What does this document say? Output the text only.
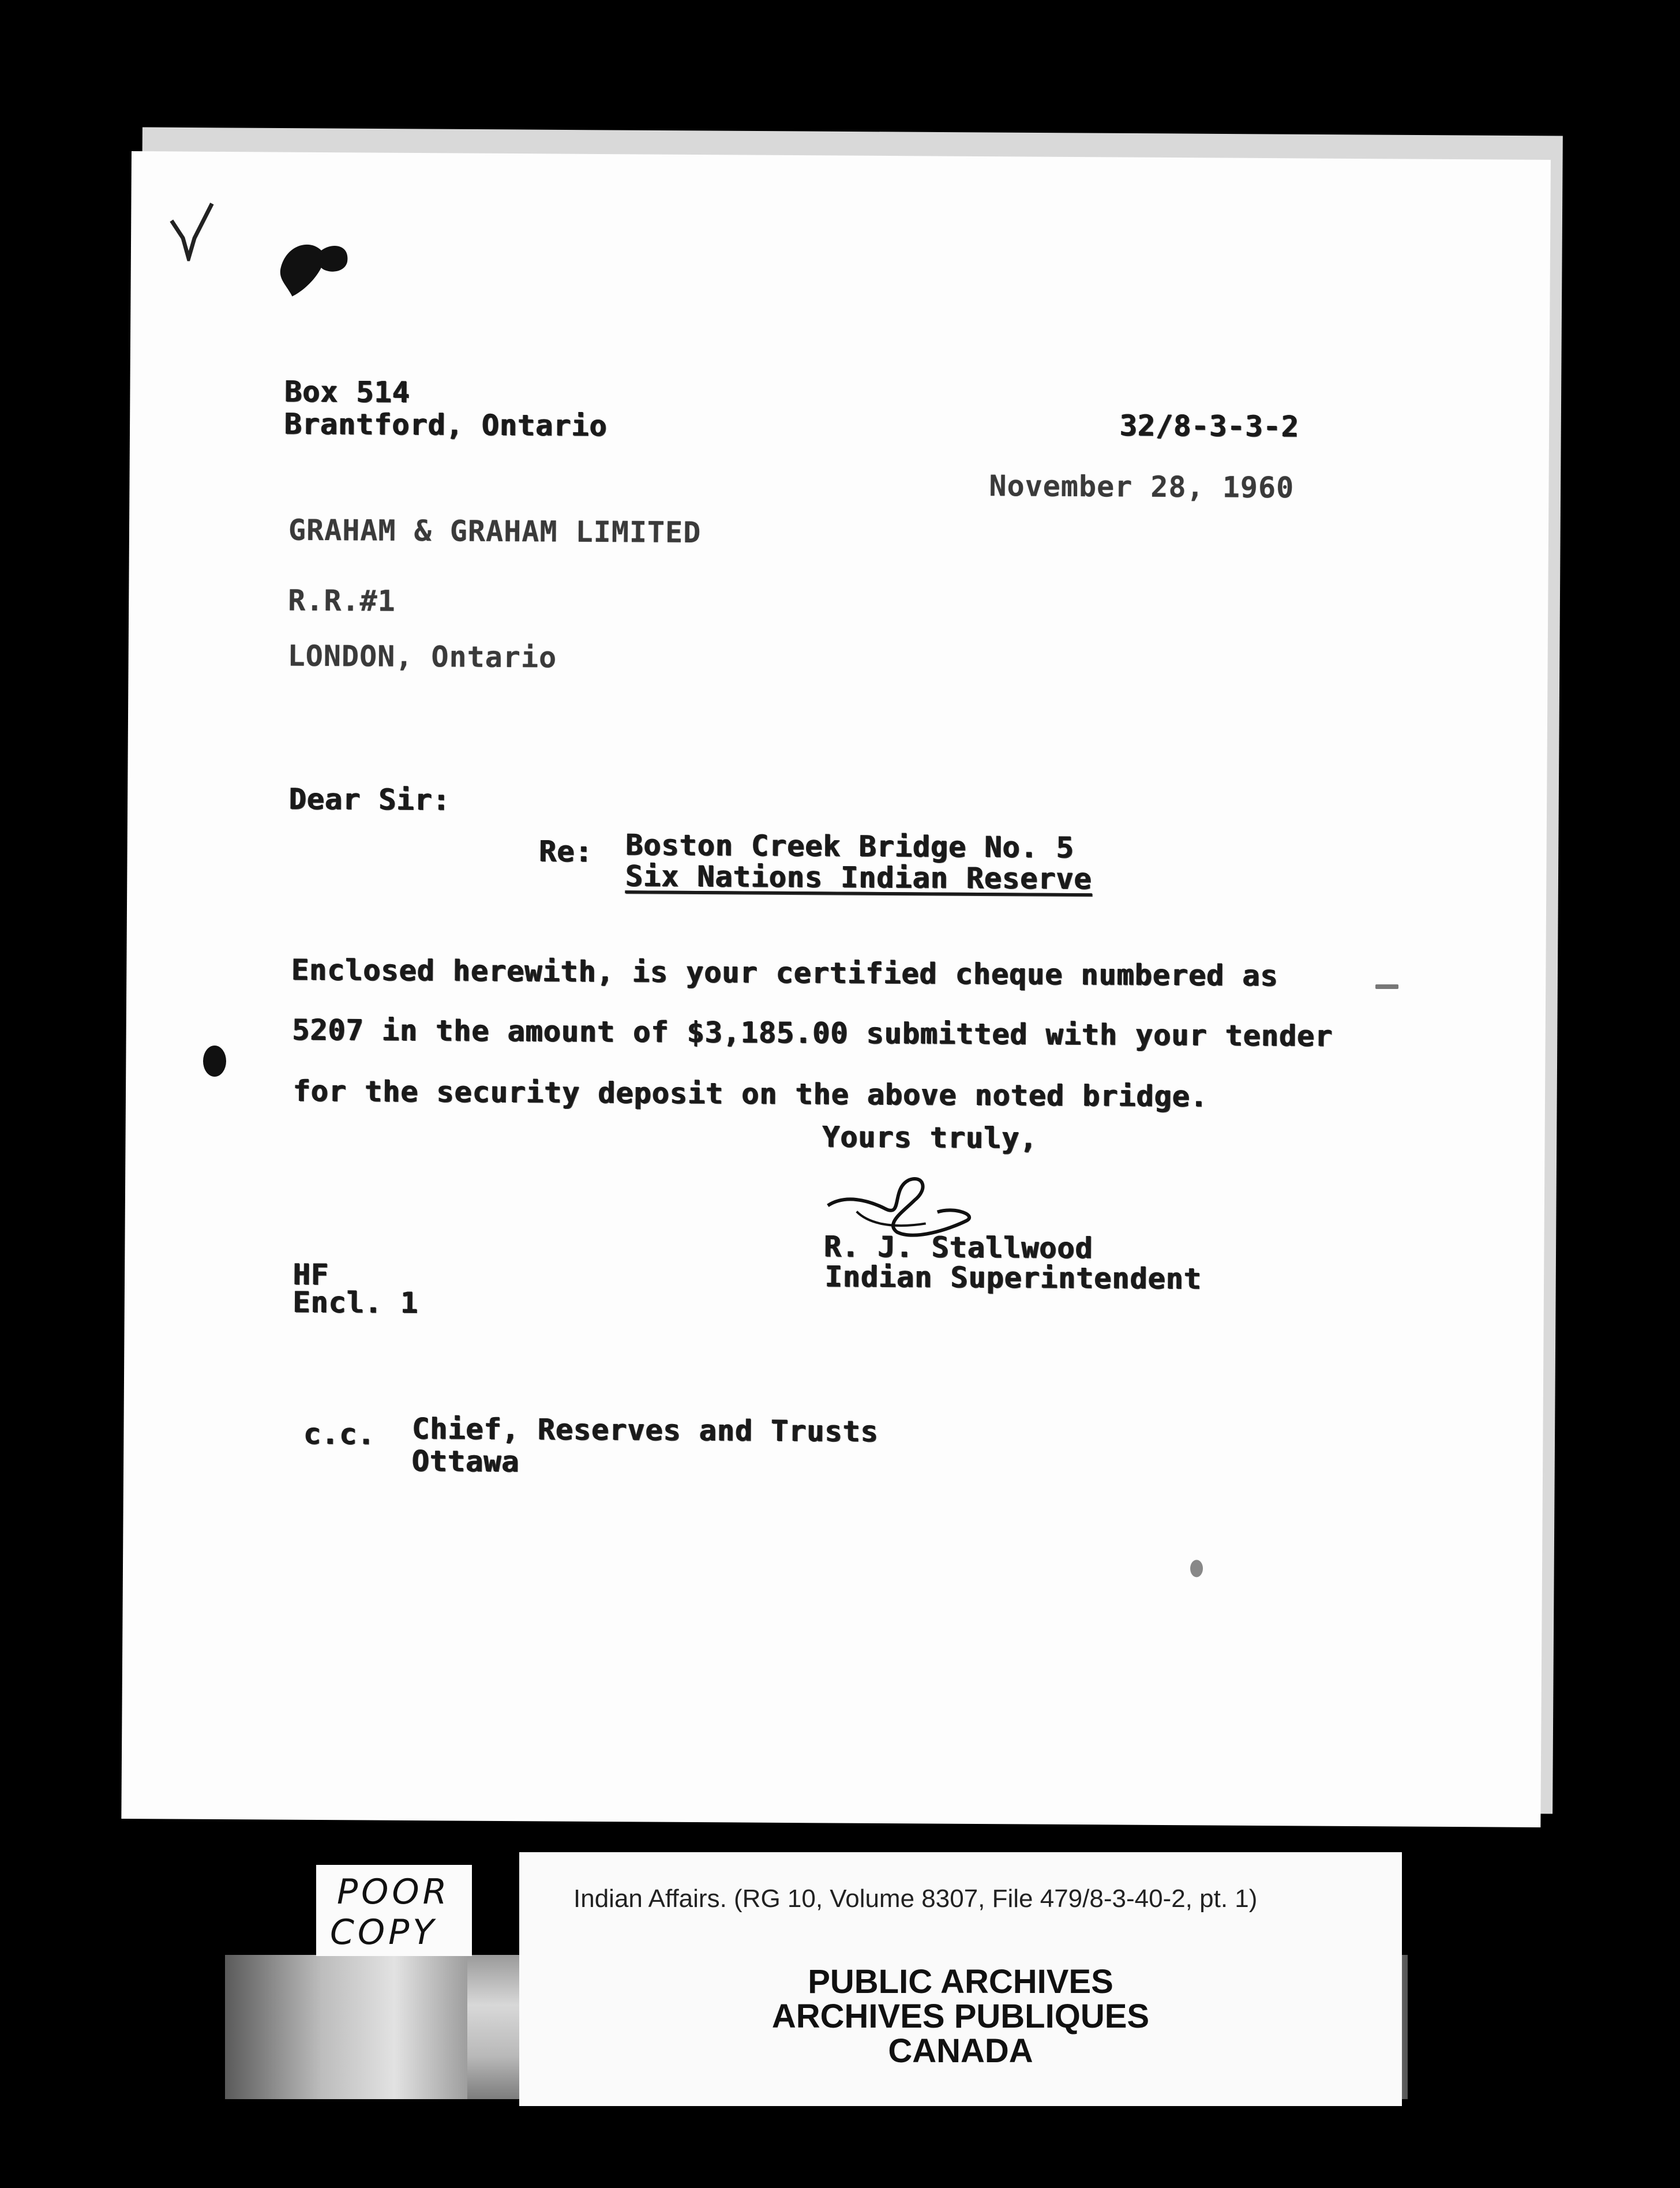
Box 514
Brantford, Ontario	32/8-3-3-2
November 28, 1960
GRAHAM & GRAHAM LIMITED
R.R.#1
LONDON, Ontario
Dear Sir:
Re: Boston Creek Bridge No. 5
Six Nations Indian Reserve
Enclosed herewith, is your certified cheque numbered as
5207 in the amount of $3,185.00 submitted with your tender
for the security deposit on the above noted bridge.
Yours truly,
R. J. Stallwood
Indian Superintendent
HF
Encl. 1
c.c. Chief, Reserves and Trusts
Ottawa
POOR
COPY
Indian Affairs. (RG 10, Volume 8307, File 479/8-3-40-2, pt. 1)
PUBLIC ARCHIVES
ARCHIVES PUBLIQUES
CANADA
